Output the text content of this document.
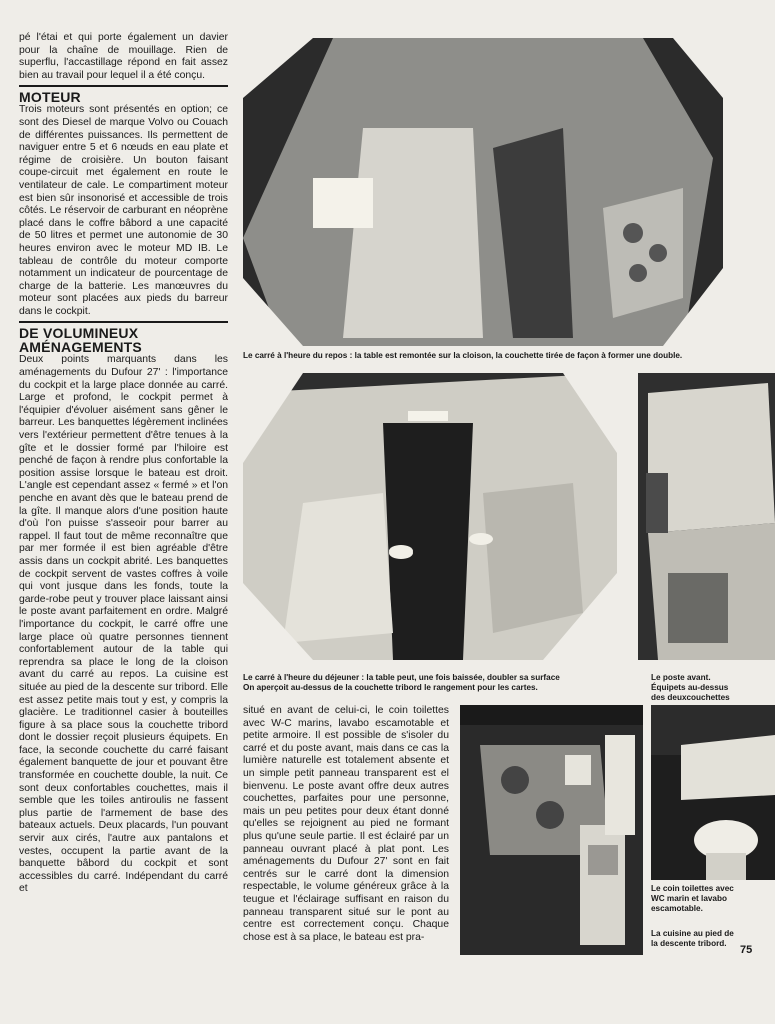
pé l'étai et qui porte également un davier pour la chaîne de mouillage. Rien de superflu, l'accastillage répond en fait assez bien au travail pour lequel il a été conçu.

MOTEUR

Trois moteurs sont présentés en option; ce sont des Diesel de marque Volvo ou Couach de différentes puissances. Ils permettent de naviguer entre 5 et 6 nœuds en eau plate et régime de croisière. Un bouton faisant coupe-circuit met également en route le ventilateur de cale. Le compartiment moteur est bien sûr insonorisé et accessible de trois côtés. Le réservoir de carburant en néoprène placé dans le coffre bâbord a une capacité de 50 litres et permet une autonomie de 30 heures environ avec le moteur MD IB. Le tableau de contrôle du moteur comporte notamment un indicateur de pourcentage de charge de la batterie. Les manœuvres du moteur sont placées aux pieds du barreur dans le cockpit.

DE VOLUMINEUX
AMÉNAGEMENTS

Deux points marquants dans les aménagements du Dufour 27' : l'importance du cockpit et la large place donnée au carré. Large et profond, le cockpit permet à l'équipier d'évoluer aisément sans gêner le barreur. Les banquettes légèrement inclinées vers l'extérieur permettent d'être tenues à la gîte et le dossier formé par l'hiloire est penché de façon à rendre plus confortable la position assise lorsque le bateau est droit. L'angle est cependant assez « fermé » et l'on penche en avant dès que le bateau prend de la gîte. Il manque alors d'une position haute d'où l'on puisse s'asseoir pour barrer au rappel. Il faut tout de même reconnaître que par mer formée il est bien agréable d'être assis dans un cockpit abrité. Les banquettes de cockpit servent de vastes coffres à voile qui vont jusque dans les fonds, toute la garde-robe peut y trouver place laissant ainsi le poste avant parfaitement en ordre. Malgré l'importance du cockpit, le carré offre une large place où quatre personnes tiennent confortablement autour de la table qui reprendra sa place le long de la cloison avant du carré au repos. La cuisine est située au pied de la descente sur tribord. Elle est assez petite mais tout y est, y compris la glacière. Le traditionnel casier à bouteilles figure à sa place sous la couchette tribord dont le dossier reçoit plusieurs équipets. En face, la seconde couchette du carré faisant également banquette de jour et pouvant être transformée en couchette double, la nuit. Ce sont deux confortables couchettes, mais il semble que les toiles antiroulis ne fassent plus partie de l'armement de base des bateaux actuels. Deux placards, l'un pouvant servir aux cirés, l'autre aux pantalons et vestes, occupent la partie avant de la banquette bâbord du cockpit et sont accessibles du carré. Indépendant du carré et

Le carré à l'heure du repos : la table est remontée sur la cloison, la couchette tirée de façon à former une double.
Le carré à l'heure du déjeuner : la table peut, une fois baissée, doubler sa surface
On aperçoit au-dessus de la couchette tribord le rangement pour les cartes.
Le poste avant.
Équipets au-dessus
des deuxcouchettes

situé en avant de celui-ci, le coin toilettes avec W-C marins, lavabo escamotable et petite armoire. Il est possible de s'isoler du carré et du poste avant, mais dans ce cas la lumière naturelle est totalement absente et un simple petit panneau transparent est el bienvenu. Le poste avant offre deux autres couchettes, parfaites pour une personne, mais un peu petites pour deux étant donné qu'elles se rejoignent au pied ne formant plus qu'une seule partie. Il est éclairé par un panneau ouvrant placé à plat pont. Les aménagements du Dufour 27' sont en fait centrés sur le carré dont la dimension respectable, le volume généreux grâce à la teugue et l'éclairage suffisant en raison du panneau transparent situé sur le pont au centre est correctement conçu. Chaque chose est à sa place, le bateau est pra-

Le coin toilettes avec WC marin et lavabo escamotable.
La cuisine au pied de la descente tribord.
75
